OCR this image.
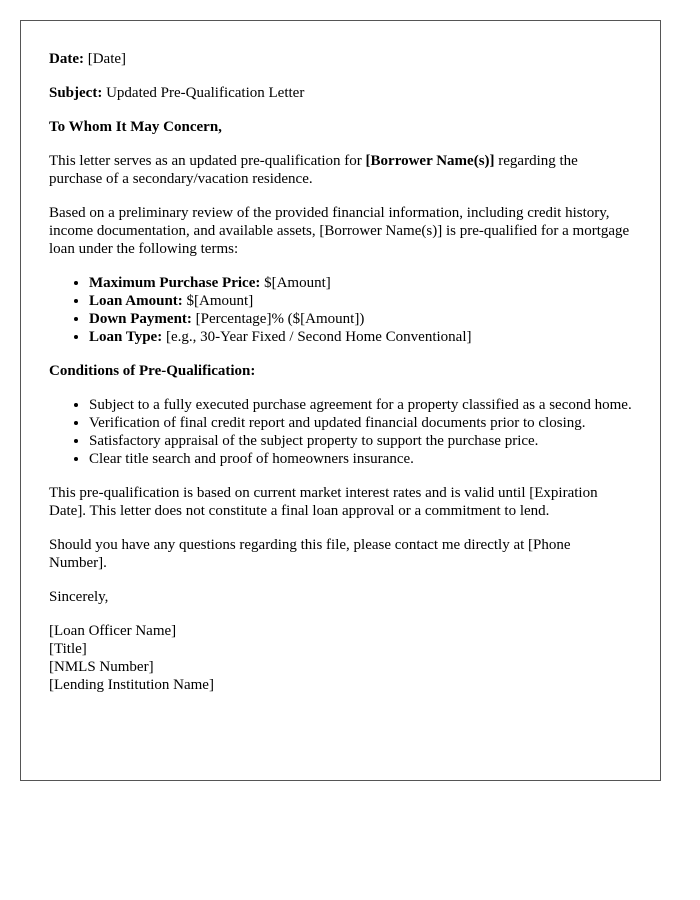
Date: [Date]

Subject: Updated Pre-Qualification Letter

To Whom It May Concern,

This letter serves as an updated pre-qualification for [Borrower Name(s)] regarding the purchase of a secondary/vacation residence.

Based on a preliminary review of the provided financial information, including credit history, income documentation, and available assets, [Borrower Name(s)] is pre-qualified for a mortgage loan under the following terms:

• Maximum Purchase Price: $[Amount]
• Loan Amount: $[Amount]
• Down Payment: [Percentage]% ($[Amount])
• Loan Type: [e.g., 30-Year Fixed / Second Home Conventional]

Conditions of Pre-Qualification:

• Subject to a fully executed purchase agreement for a property classified as a second home.
• Verification of final credit report and updated financial documents prior to closing.
• Satisfactory appraisal of the subject property to support the purchase price.
• Clear title search and proof of homeowners insurance.

This pre-qualification is based on current market interest rates and is valid until [Expiration Date]. This letter does not constitute a final loan approval or a commitment to lend.

Should you have any questions regarding this file, please contact me directly at [Phone Number].

Sincerely,

[Loan Officer Name]
[Title]
[NMLS Number]
[Lending Institution Name]
